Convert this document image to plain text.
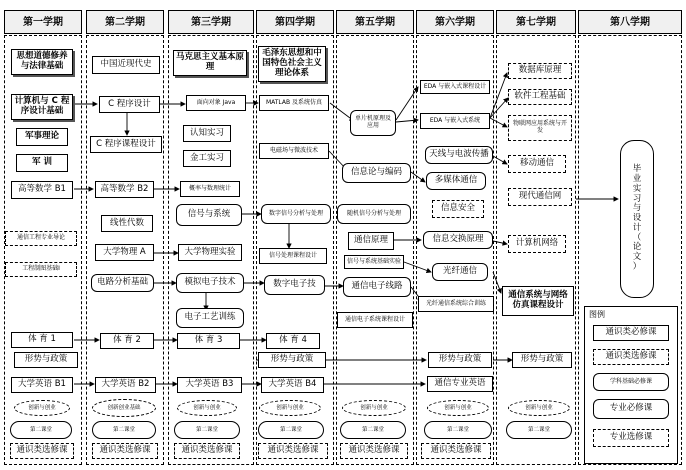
第一学期	第二学期	第三学期	第四学期	第五学期	第六学期	第七学期	第八学期
思想道德修养与法律基础
计算机与 C 程序设计基础
军事理论
军 训
高等数学 B1
通信工程专业导论
工程制图基础I
体 育 1
形势与政策
大学英语 B1
创新与创业
第二课堂
通识类选修课
中国近现代史
C 程序设计
C 程序课程设计
高等数学 B2
线性代数
大学物理 A
电路分析基础
体 育 2
大学英语 B2
创新创业基础
第二课堂
通识类选修课
马克思主义基本原理
面向对象 Java
认知实习
金工实习
概率与数理统计
信号与系统
大学物理实验
模拟电子技术
电子工艺训练
体 育 3
大学英语 B3
创新与创业
第二课堂
通识类选修课
毛泽东思想和中国特色社会主义理论体系
MATLAB 及系统仿真
电磁场与微波技术
数字信号分析与处理
信号处理课程设计
数字电子技
体 育 4
形势与政策
大学英语 B4
创新与创业
第二课堂
通识类选修课
单片机原理及应用
信息论与编码
随机信号分析与处理
通信原理
信号与系统基础实验
通信电子线路
通信电子系统课程设计
创新与创业
第二课堂
通识类选修课
EDA 与嵌入式课程设计
EDA 与嵌入式系统
天线与电波传播
多媒体通信
信息安全
信息交换原理
光纤通信
光纤通信系统综合训练
形势与政策
通信专业英语
创新与创业
第二课堂
通识类选修课
数据库原理
软件工程基础
物联网应用系统与开发
移动通信
现代通信网
计算机网络
通信系统与网络仿真课程设计
形势与政策
创新与创业
第二课堂
毕
业
实
习
与
设
计
（
论
文
）
图例
通识类必修课
通识类选修课
学科基础必修课
专业必修课
专业选修课
